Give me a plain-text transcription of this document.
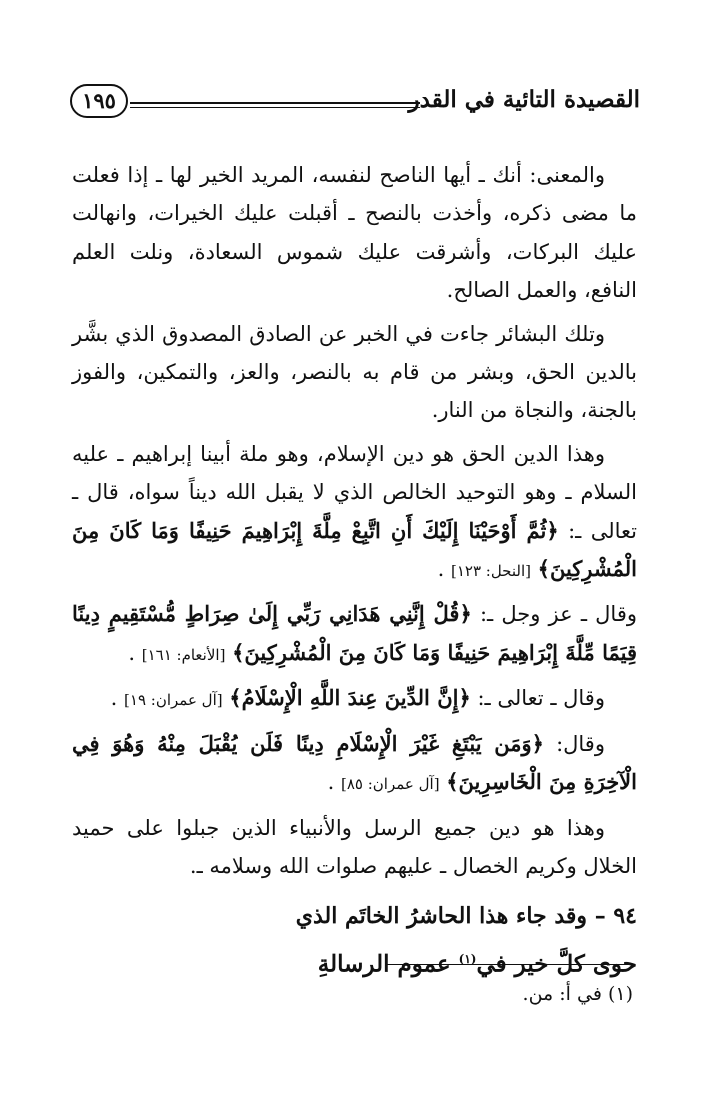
القصيدة التائية في القدر
١٩٥

والمعنى: أنك ـ أيها الناصح لنفسه، المريد الخير لها ـ إذا فعلت ما مضى ذكره، وأخذت بالنصح ـ أقبلت عليك الخيرات، وانهالت عليك البركات، وأشرقت عليك شموس السعادة، ونلت العلم النافع، والعمل الصالح.

وتلك البشائر جاءت في الخبر عن الصادق المصدوق الذي بشَّر بالدين الحق، وبشر من قام به بالنصر، والعز، والتمكين، والفوز بالجنة، والنجاة من النار.

وهذا الدين الحق هو دين الإسلام، وهو ملة أبينا إبراهيم ـ عليه السلام ـ وهو التوحيد الخالص الذي لا يقبل الله ديناً سواه، قال ـ تعالى ـ: ﴿ثُمَّ أَوْحَيْنَا إِلَيْكَ أَنِ اتَّبِعْ مِلَّةَ إِبْرَاهِيمَ حَنِيفًا وَمَا كَانَ مِنَ الْمُشْرِكِينَ﴾ [النحل: ١٢٣] .

وقال ـ عز وجل ـ: ﴿قُلْ إِنَّنِي هَدَانِي رَبِّي إِلَىٰ صِرَاطٍ مُّسْتَقِيمٍ دِينًا قِيَمًا مِّلَّةَ إِبْرَاهِيمَ حَنِيفًا وَمَا كَانَ مِنَ الْمُشْرِكِينَ﴾ [الأنعام: ١٦١] .

وقال ـ تعالى ـ: ﴿إِنَّ الدِّينَ عِندَ اللَّهِ الْإِسْلَامُ﴾ [آل عمران: ١٩] .

وقال: ﴿وَمَن يَبْتَغِ غَيْرَ الْإِسْلَامِ دِينًا فَلَن يُقْبَلَ مِنْهُ وَهُوَ فِي الْآخِرَةِ مِنَ الْخَاسِرِينَ﴾ [آل عمران: ٨٥] .

وهذا هو دين جميع الرسل والأنبياء الذين جبلوا على حميد الخلال وكريم الخصال ـ عليهم صلوات الله وسلامه ـ.

٩٤ – وقد جاء هذا الحاشرُ الخاتَم الذي
حوى كلَّ خير في$^{(١)}$ عموم الرسالةِ
(١) في أ: من.
